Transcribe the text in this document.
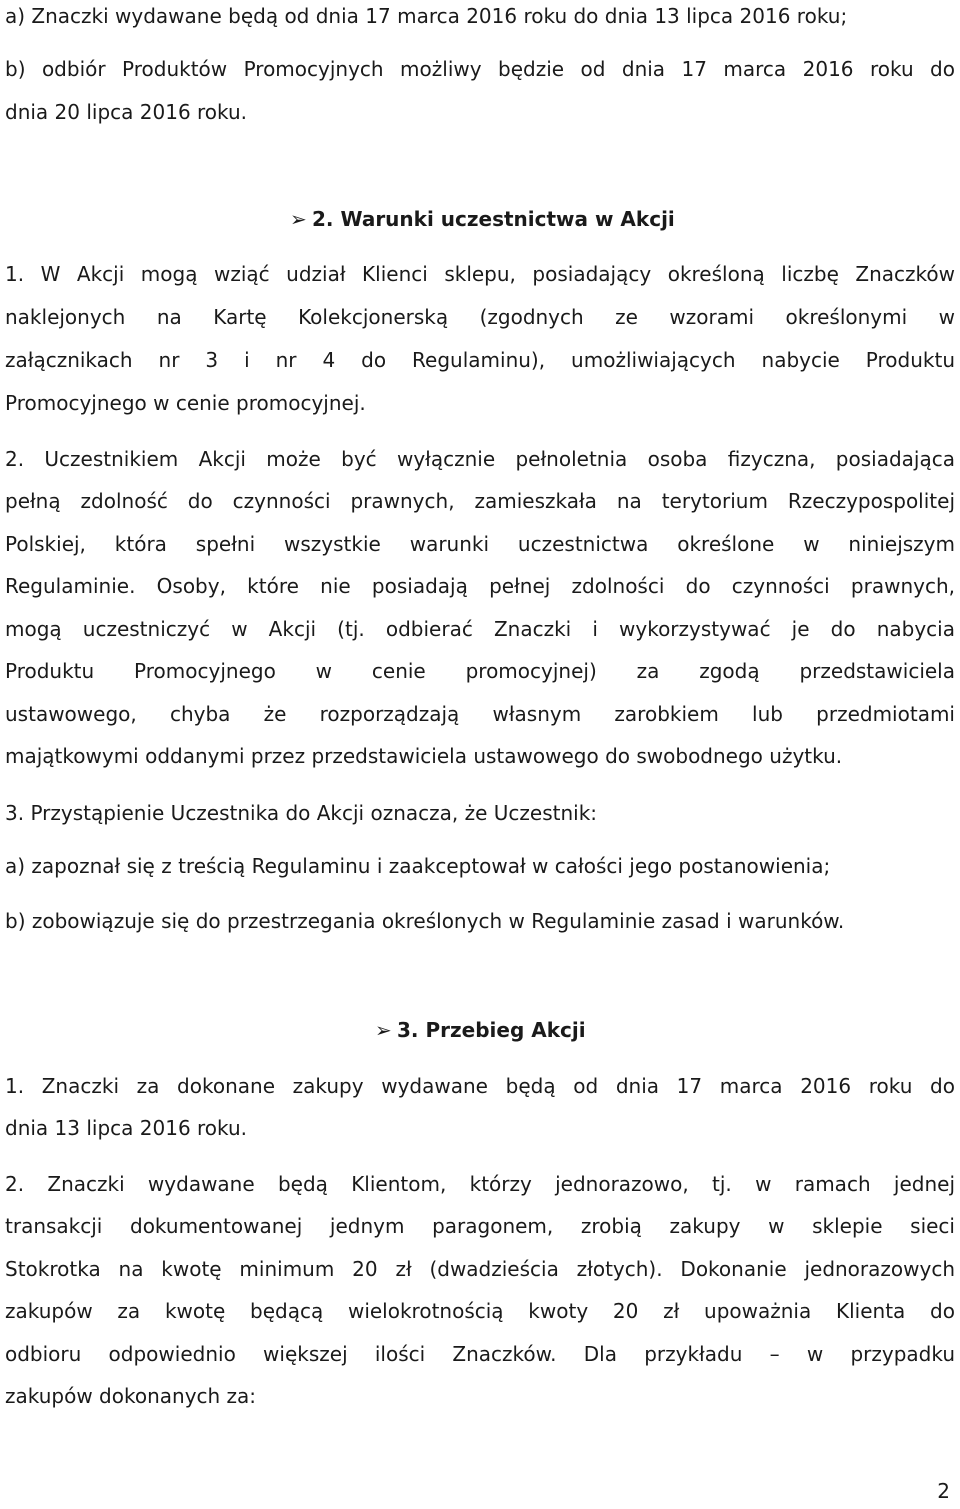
a) Znaczki wydawane będą od dnia 17 marca 2016 roku do dnia 13 lipca 2016 roku;

b) odbiór Produktów Promocyjnych możliwy będzie od dnia 17 marca 2016 roku do

dnia 20 lipca 2016 roku.

➢ 2. Warunki uczestnictwa w Akcji

1. W Akcji mogą wziąć udział Klienci sklepu, posiadający określoną liczbę Znaczków

naklejonych na Kartę Kolekcjonerską (zgodnych ze wzorami określonymi w

załącznikach nr 3 i nr 4 do Regulaminu), umożliwiających nabycie Produktu

Promocyjnego w cenie promocyjnej.

2. Uczestnikiem Akcji może być wyłącznie pełnoletnia osoba fizyczna, posiadająca

pełną zdolność do czynności prawnych, zamieszkała na terytorium Rzeczypospolitej

Polskiej, która spełni wszystkie warunki uczestnictwa określone w niniejszym

Regulaminie. Osoby, które nie posiadają pełnej zdolności do czynności prawnych,

mogą uczestniczyć w Akcji (tj. odbierać Znaczki i wykorzystywać je do nabycia

Produktu Promocyjnego w cenie promocyjnej) za zgodą przedstawiciela

ustawowego, chyba że rozporządzają własnym zarobkiem lub przedmiotami

majątkowymi oddanymi przez przedstawiciela ustawowego do swobodnego użytku.

3. Przystąpienie Uczestnika do Akcji oznacza, że Uczestnik:

a) zapoznał się z treścią Regulaminu i zaakceptował w całości jego postanowienia;

b) zobowiązuje się do przestrzegania określonych w Regulaminie zasad i warunków.

➢ 3. Przebieg Akcji

1. Znaczki za dokonane zakupy wydawane będą od dnia 17 marca 2016 roku do

dnia 13 lipca 2016 roku.

2. Znaczki wydawane będą Klientom, którzy jednorazowo, tj. w ramach jednej

transakcji dokumentowanej jednym paragonem, zrobią zakupy w sklepie sieci

Stokrotka na kwotę minimum 20 zł (dwadzieścia złotych). Dokonanie jednorazowych

zakupów za kwotę będącą wielokrotnością kwoty 20 zł upoważnia Klienta do

odbioru odpowiednio większej ilości Znaczków. Dla przykładu – w przypadku

zakupów dokonanych za:

2
